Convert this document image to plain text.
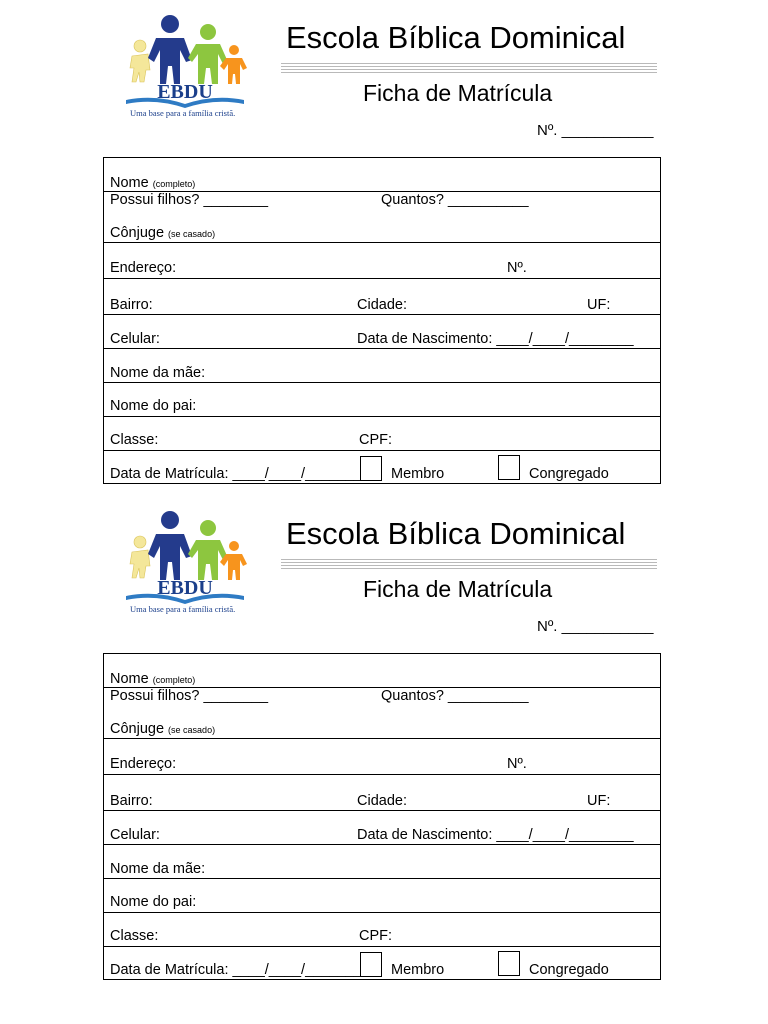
EBDU
Uma base para a família cristã.
Escola Bíblica Dominical
Ficha de Matrícula
Nº. ___________
Nome (completo)
Possui filhos? ________	Quantos? __________
Cônjuge (se casado)
Endereço:	Nº.
Bairro:	Cidade:	UF:
Celular:	Data de Nascimento: ____/____/________
Nome da mãe:
Nome do pai:
Classe:	CPF:
Data de Matrícula: ____/____/________ Membro	Congregado
EBDU
Uma base para a família cristã.
Escola Bíblica Dominical
Ficha de Matrícula
Nº. ___________
Nome (completo)
Possui filhos? ________	Quantos? __________
Cônjuge (se casado)
Endereço:	Nº.
Bairro:	Cidade:	UF:
Celular:	Data de Nascimento: ____/____/________
Nome da mãe:
Nome do pai:
Classe:	CPF:
Data de Matrícula: ____/____/________ Membro	Congregado
